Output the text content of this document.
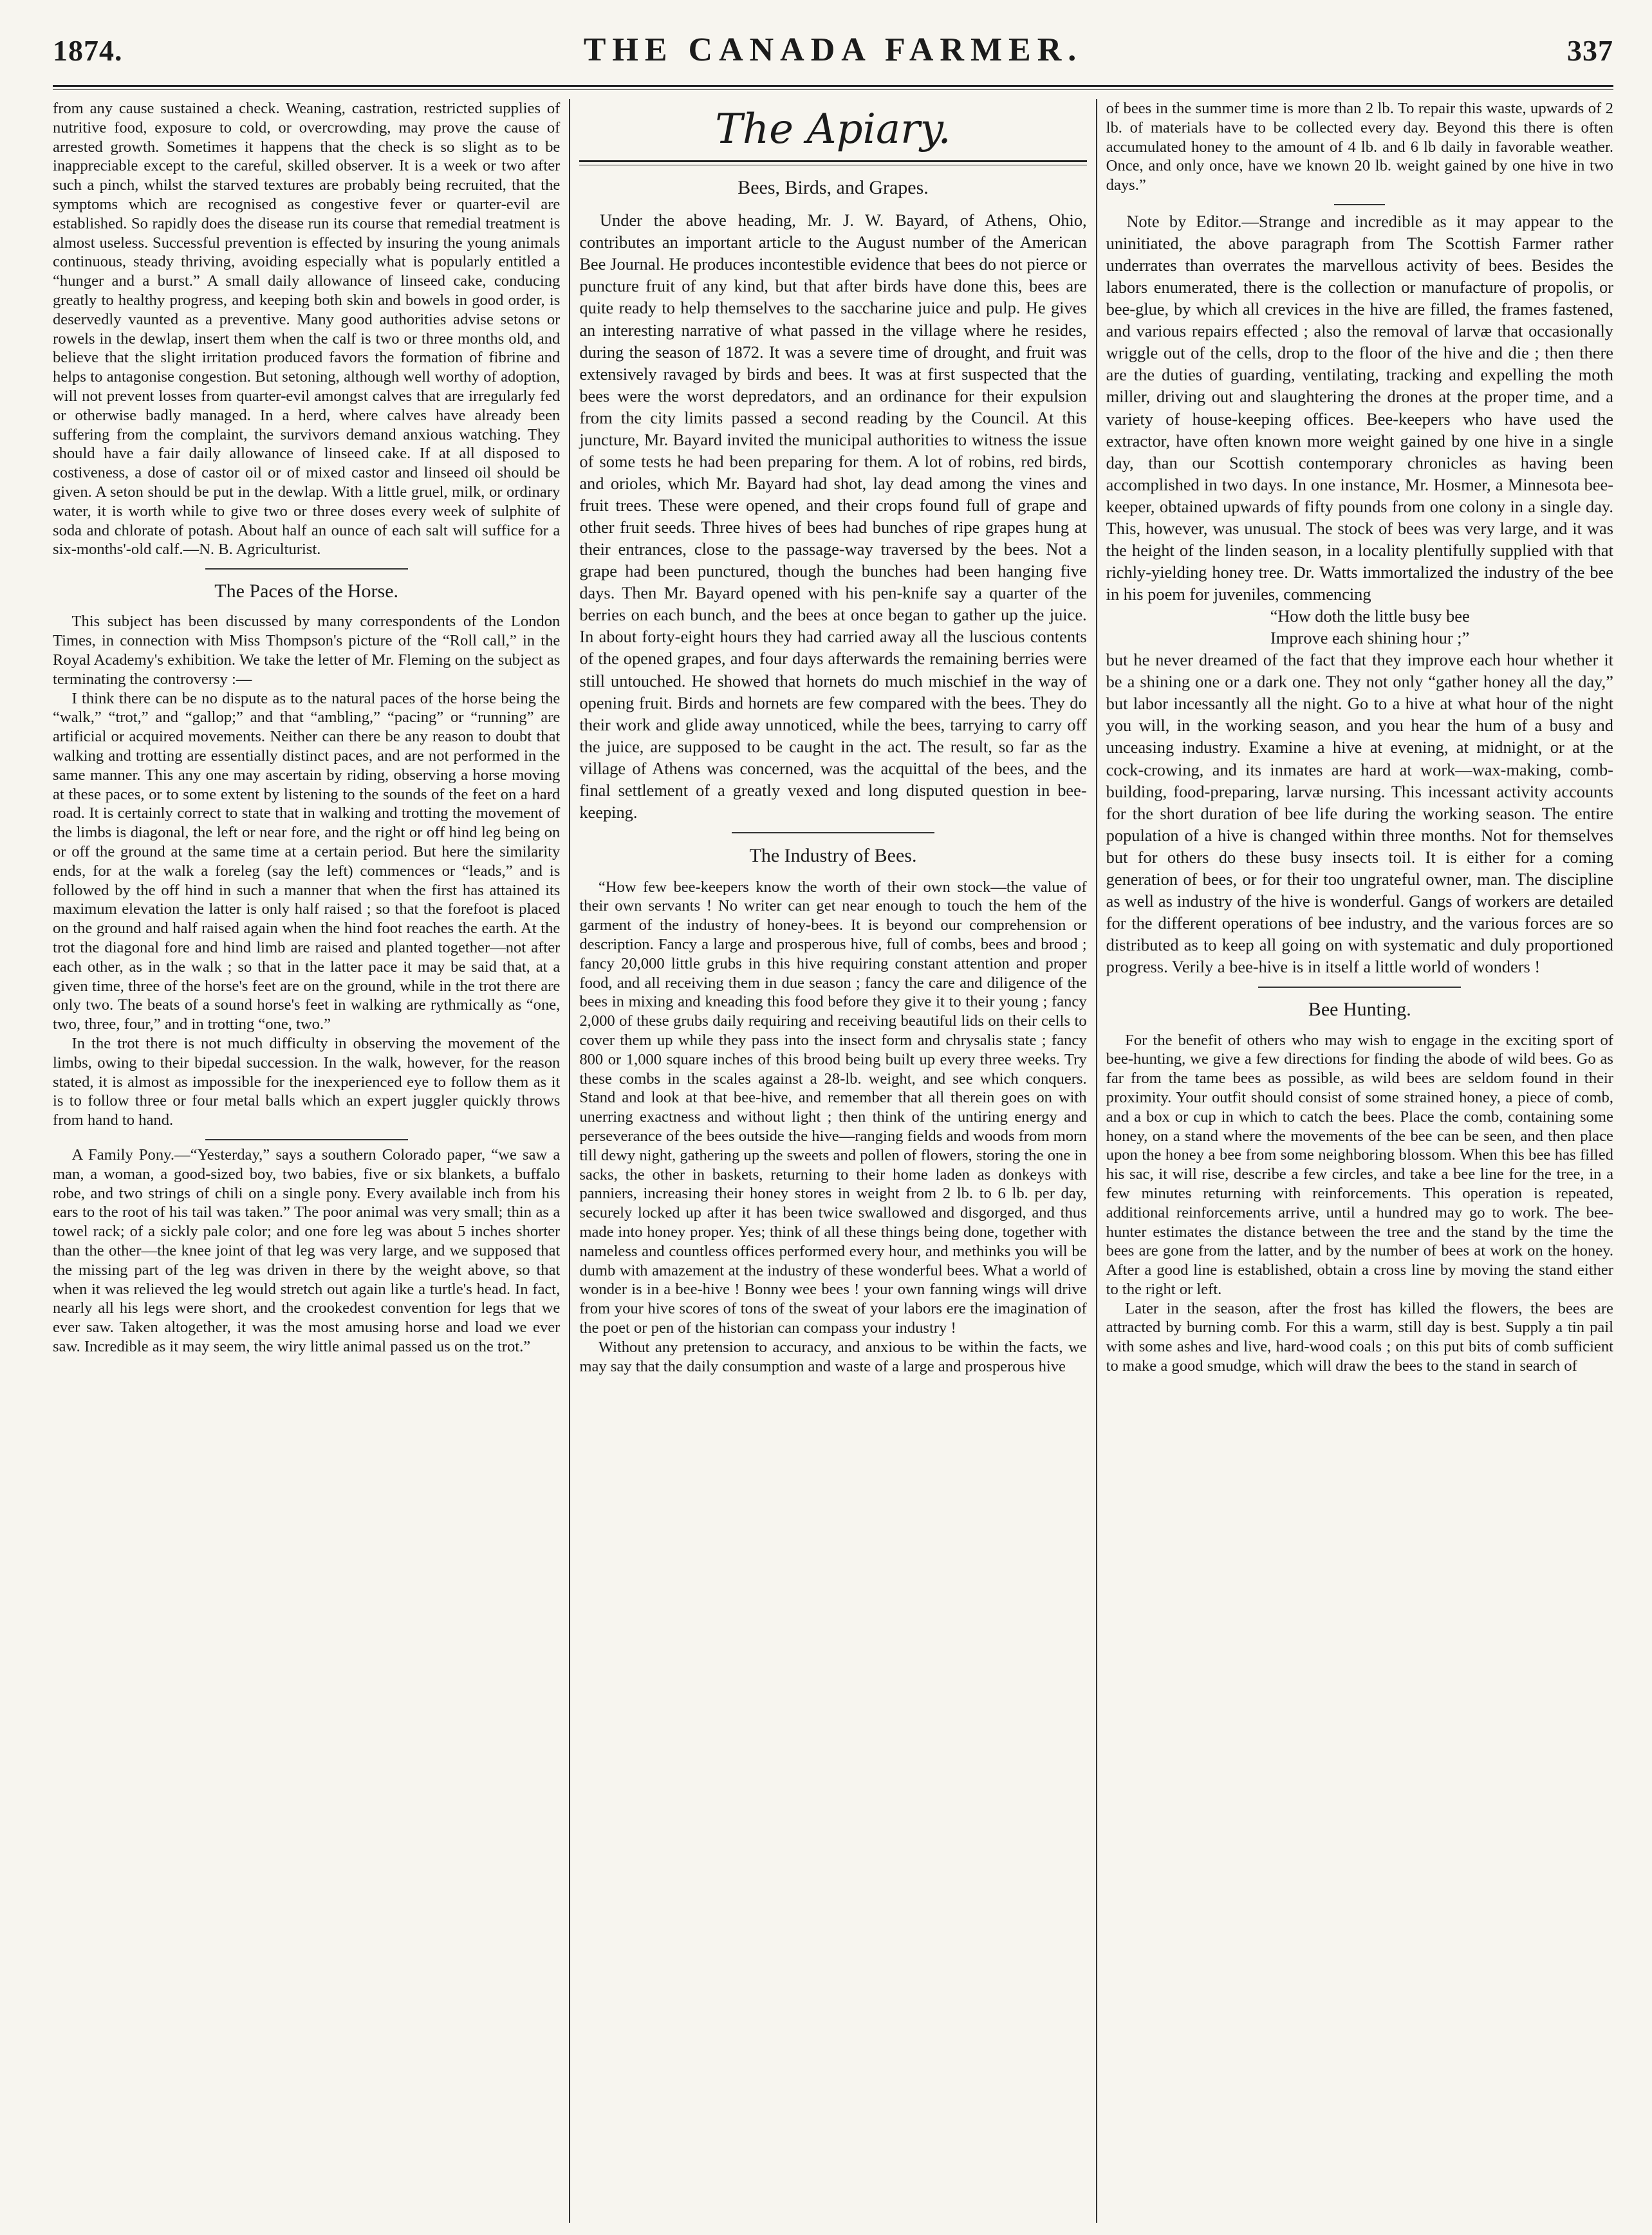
1874.	THE CANADA FARMER.	337

from any cause sustained a check. Weaning, castration, restricted supplies of nutritive food, exposure to cold, or overcrowding, may prove the cause of arrested growth. Sometimes it happens that the check is so slight as to be inappreciable except to the careful, skilled observer. It is a week or two after such a pinch, whilst the starved textures are probably being recruited, that the symptoms which are recognised as congestive fever or quarter-evil are established. So rapidly does the disease run its course that remedial treatment is almost useless. Successful prevention is effected by insuring the young animals continuous, steady thriving, avoiding especially what is popularly entitled a “hunger and a burst.” A small daily allowance of linseed cake, conducing greatly to healthy progress, and keeping both skin and bowels in good order, is deservedly vaunted as a preventive. Many good authorities advise setons or rowels in the dewlap, insert them when the calf is two or three months old, and believe that the slight irritation produced favors the formation of fibrine and helps to antagonise congestion. But setoning, although well worthy of adoption, will not prevent losses from quarter-evil amongst calves that are irregularly fed or otherwise badly managed. In a herd, where calves have already been suffering from the complaint, the survivors demand anxious watching. They should have a fair daily allowance of linseed cake. If at all disposed to costiveness, a dose of castor oil or of mixed castor and linseed oil should be given. A seton should be put in the dewlap. With a little gruel, milk, or ordinary water, it is worth while to give two or three doses every week of sulphite of soda and chlorate of potash. About half an ounce of each salt will suffice for a six-months'-old calf.—N. B. Agriculturist.

The Paces of the Horse.

This subject has been discussed by many correspondents of the London Times, in connection with Miss Thompson's picture of the “Roll call,” in the Royal Academy's exhibition. We take the letter of Mr. Fleming on the subject as terminating the controversy :—

I think there can be no dispute as to the natural paces of the horse being the “walk,” “trot,” and “gallop;” and that “ambling,” “pacing” or “running” are artificial or acquired movements. Neither can there be any reason to doubt that walking and trotting are essentially distinct paces, and are not performed in the same manner. This any one may ascertain by riding, observing a horse moving at these paces, or to some extent by listening to the sounds of the feet on a hard road. It is certainly correct to state that in walking and trotting the movement of the limbs is diagonal, the left or near fore, and the right or off hind leg being on or off the ground at the same time at a certain period. But here the similarity ends, for at the walk a foreleg (say the left) commences or “leads,” and is followed by the off hind in such a manner that when the first has attained its maximum elevation the latter is only half raised ; so that the forefoot is placed on the ground and half raised again when the hind foot reaches the earth. At the trot the diagonal fore and hind limb are raised and planted together—not after each other, as in the walk ; so that in the latter pace it may be said that, at a given time, three of the horse's feet are on the ground, while in the trot there are only two. The beats of a sound horse's feet in walking are rythmically as “one, two, three, four,” and in trotting “one, two.”

In the trot there is not much difficulty in observing the movement of the limbs, owing to their bipedal succession. In the walk, however, for the reason stated, it is almost as impossible for the inexperienced eye to follow them as it is to follow three or four metal balls which an expert juggler quickly throws from hand to hand.

A Family Pony.—“Yesterday,” says a southern Colorado paper, “we saw a man, a woman, a good-sized boy, two babies, five or six blankets, a buffalo robe, and two strings of chili on a single pony. Every available inch from his ears to the root of his tail was taken.” The poor animal was very small; thin as a towel rack; of a sickly pale color; and one fore leg was about 5 inches shorter than the other—the knee joint of that leg was very large, and we supposed that the missing part of the leg was driven in there by the weight above, so that when it was relieved the leg would stretch out again like a turtle's head. In fact, nearly all his legs were short, and the crookedest convention for legs that we ever saw. Taken altogether, it was the most amusing horse and load we ever saw. Incredible as it may seem, the wiry little animal passed us on the trot.”

The Apiary.
Bees, Birds, and Grapes.

Under the above heading, Mr. J. W. Bayard, of Athens, Ohio, contributes an important article to the August number of the American Bee Journal. He produces incontestible evidence that bees do not pierce or puncture fruit of any kind, but that after birds have done this, bees are quite ready to help themselves to the saccharine juice and pulp. He gives an interesting narrative of what passed in the village where he resides, during the season of 1872. It was a severe time of drought, and fruit was extensively ravaged by birds and bees. It was at first suspected that the bees were the worst depredators, and an ordinance for their expulsion from the city limits passed a second reading by the Council. At this juncture, Mr. Bayard invited the municipal authorities to witness the issue of some tests he had been preparing for them. A lot of robins, red birds, and orioles, which Mr. Bayard had shot, lay dead among the vines and fruit trees. These were opened, and their crops found full of grape and other fruit seeds. Three hives of bees had bunches of ripe grapes hung at their entrances, close to the passage-way traversed by the bees. Not a grape had been punctured, though the bunches had been hanging five days. Then Mr. Bayard opened with his pen-knife say a quarter of the berries on each bunch, and the bees at once began to gather up the juice. In about forty-eight hours they had carried away all the luscious contents of the opened grapes, and four days afterwards the remaining berries were still untouched. He showed that hornets do much mischief in the way of opening fruit. Birds and hornets are few compared with the bees. They do their work and glide away unnoticed, while the bees, tarrying to carry off the juice, are supposed to be caught in the act. The result, so far as the village of Athens was concerned, was the acquittal of the bees, and the final settlement of a greatly vexed and long disputed question in bee-keeping.

The Industry of Bees.

“How few bee-keepers know the worth of their own stock—the value of their own servants ! No writer can get near enough to touch the hem of the garment of the industry of honey-bees. It is beyond our comprehension or description. Fancy a large and prosperous hive, full of combs, bees and brood ; fancy 20,000 little grubs in this hive requiring constant attention and proper food, and all receiving them in due season ; fancy the care and diligence of the bees in mixing and kneading this food before they give it to their young ; fancy 2,000 of these grubs daily requiring and receiving beautiful lids on their cells to cover them up while they pass into the insect form and chrysalis state ; fancy 800 or 1,000 square inches of this brood being built up every three weeks. Try these combs in the scales against a 28-lb. weight, and see which conquers. Stand and look at that bee-hive, and remember that all therein goes on with unerring exactness and without light ; then think of the untiring energy and perseverance of the bees outside the hive—ranging fields and woods from morn till dewy night, gathering up the sweets and pollen of flowers, storing the one in sacks, the other in baskets, returning to their home laden as donkeys with panniers, increasing their honey stores in weight from 2 lb. to 6 lb. per day, securely locked up after it has been twice swallowed and disgorged, and thus made into honey proper. Yes; think of all these things being done, together with nameless and countless offices performed every hour, and methinks you will be dumb with amazement at the industry of these wonderful bees. What a world of wonder is in a bee-hive ! Bonny wee bees ! your own fanning wings will drive from your hive scores of tons of the sweat of your labors ere the imagination of the poet or pen of the historian can compass your industry !

Without any pretension to accuracy, and anxious to be within the facts, we may say that the daily consumption and waste of a large and prosperous hive

of bees in the summer time is more than 2 lb. To repair this waste, upwards of 2 lb. of materials have to be collected every day. Beyond this there is often accumulated honey to the amount of 4 lb. and 6 lb daily in favorable weather. Once, and only once, have we known 20 lb. weight gained by one hive in two days.”

Note by Editor.—Strange and incredible as it may appear to the uninitiated, the above paragraph from The Scottish Farmer rather underrates than overrates the marvellous activity of bees. Besides the labors enumerated, there is the collection or manufacture of propolis, or bee-glue, by which all crevices in the hive are filled, the frames fastened, and various repairs effected ; also the removal of larvæ that occasionally wriggle out of the cells, drop to the floor of the hive and die ; then there are the duties of guarding, ventilating, tracking and expelling the moth miller, driving out and slaughtering the drones at the proper time, and a variety of house-keeping offices. Bee-keepers who have used the extractor, have often known more weight gained by one hive in a single day, than our Scottish contemporary chronicles as having been accomplished in two days. In one instance, Mr. Hosmer, a Minnesota bee-keeper, obtained upwards of fifty pounds from one colony in a single day. This, however, was unusual. The stock of bees was very large, and it was the height of the linden season, in a locality plentifully supplied with that richly-yielding honey tree. Dr. Watts immortalized the industry of the bee in his poem for juveniles, commencing

“How doth the little busy bee

Improve each shining hour ;”

but he never dreamed of the fact that they improve each hour whether it be a shining one or a dark one. They not only “gather honey all the day,” but labor incessantly all the night. Go to a hive at what hour of the night you will, in the working season, and you hear the hum of a busy and unceasing industry. Examine a hive at evening, at midnight, or at the cock-crowing, and its inmates are hard at work—wax-making, comb-building, food-preparing, larvæ nursing. This incessant activity accounts for the short duration of bee life during the working season. The entire population of a hive is changed within three months. Not for themselves but for others do these busy insects toil. It is either for a coming generation of bees, or for their too ungrateful owner, man. The discipline as well as industry of the hive is wonderful. Gangs of workers are detailed for the different operations of bee industry, and the various forces are so distributed as to keep all going on with systematic and duly proportioned progress. Verily a bee-hive is in itself a little world of wonders !

Bee Hunting.

For the benefit of others who may wish to engage in the exciting sport of bee-hunting, we give a few directions for finding the abode of wild bees. Go as far from the tame bees as possible, as wild bees are seldom found in their proximity. Your outfit should consist of some strained honey, a piece of comb, and a box or cup in which to catch the bees. Place the comb, containing some honey, on a stand where the movements of the bee can be seen, and then place upon the honey a bee from some neighboring blossom. When this bee has filled his sac, it will rise, describe a few circles, and take a bee line for the tree, in a few minutes returning with reinforcements. This operation is repeated, additional reinforcements arrive, until a hundred may go to work. The bee-hunter estimates the distance between the tree and the stand by the time the bees are gone from the latter, and by the number of bees at work on the honey. After a good line is established, obtain a cross line by moving the stand either to the right or left.

Later in the season, after the frost has killed the flowers, the bees are attracted by burning comb. For this a warm, still day is best. Supply a tin pail with some ashes and live, hard-wood coals ; on this put bits of comb sufficient to make a good smudge, which will draw the bees to the stand in search of
